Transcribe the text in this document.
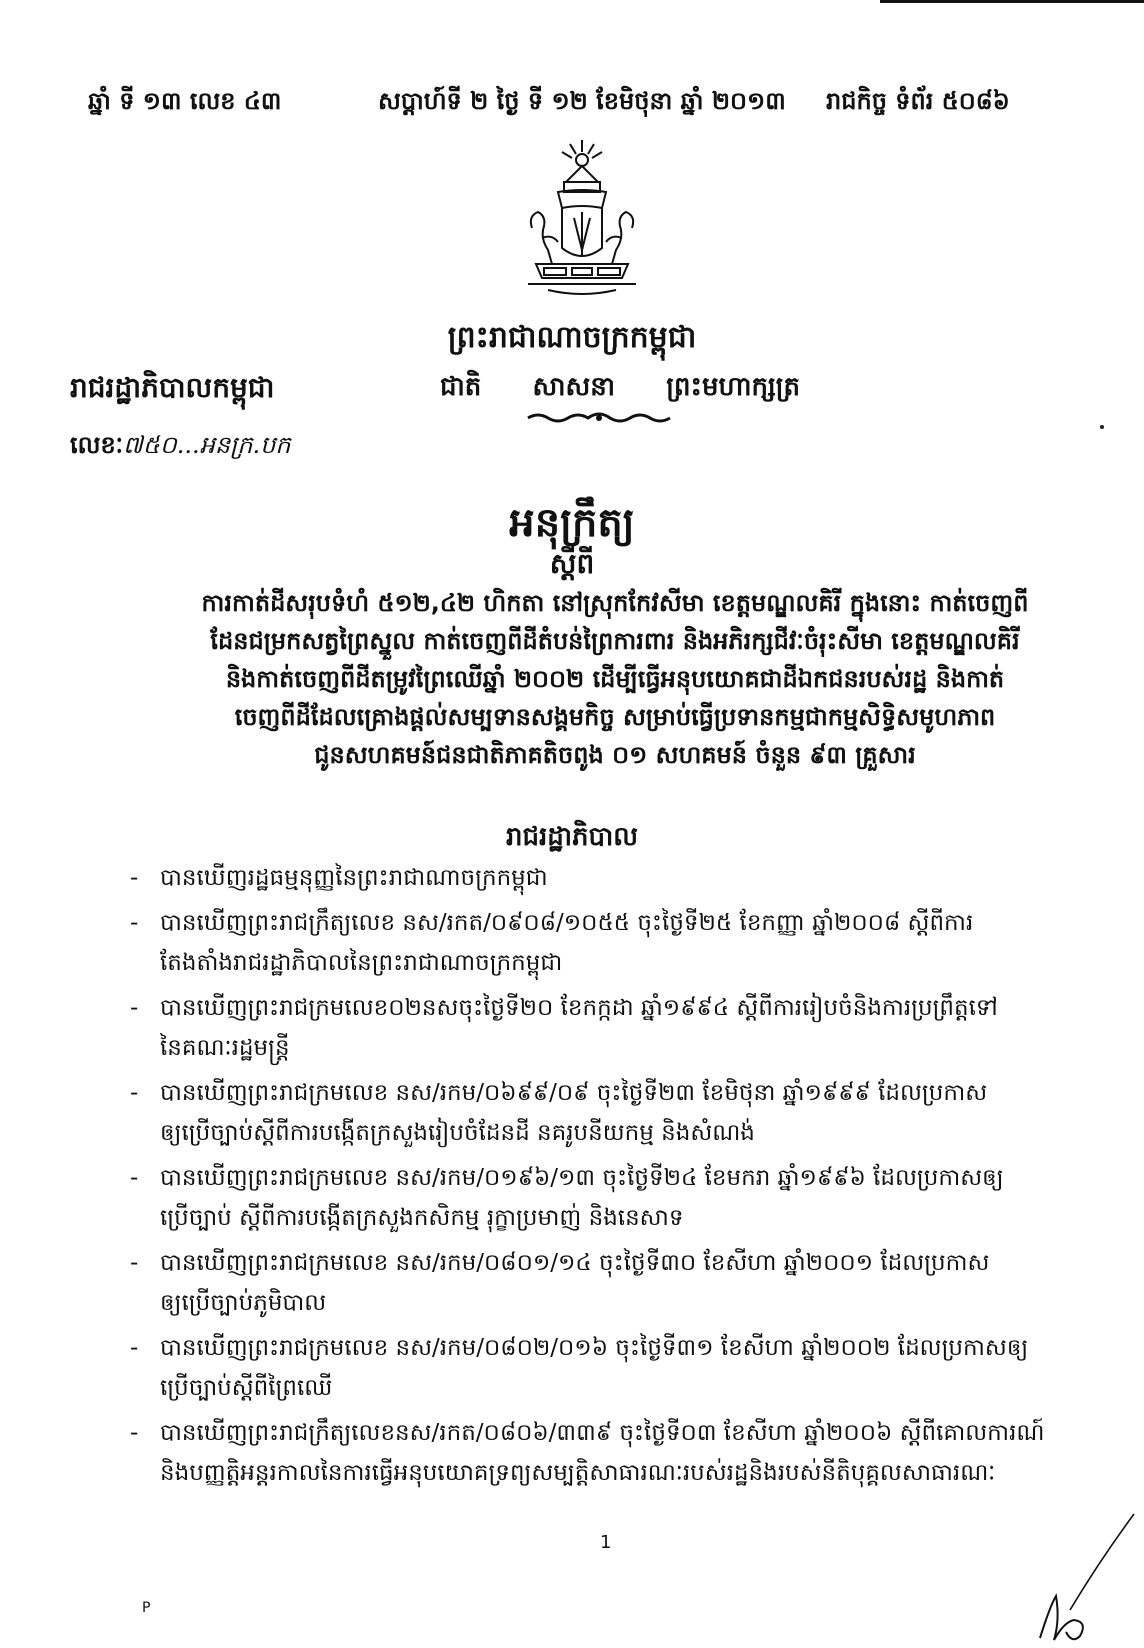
ឆ្នាំ ទី ១៣ លេខ ៤៣	សប្ដាហ៍ទី ២ ថ្ងៃ ទី ១២ ខែមិថុនា ឆ្នាំ ២០១៣ រាជកិច្ច ទំព័រ ៥០៨៦
ព្រះរាជាណាចក្រកម្ពុជា
ជាតិ សាសនា ព្រះមហាក្សត្រ
រាជរដ្ឋាភិបាលកម្ពុជា
លេខៈ៧៥០...អនក្រ.បក
អនុក្រឹត្យ
ស្ដីពី
ការកាត់ដីសរុបទំហំ ៥១២,៤២ ហិកតា នៅស្រុកកែវសីមា ខេត្តមណ្ឌលគិរី ក្នុងនោះ កាត់ចេញពី
ដែនជម្រកសត្វព្រៃស្នួល កាត់ចេញពីដីតំបន់ព្រៃការពារ និងអភិរក្សជីវៈចំរុះសីមា ខេត្តមណ្ឌលគិរី
និងកាត់ចេញពីដីតម្រូវព្រៃឈើឆ្នាំ ២០០២ ដើម្បីធ្វើអនុបយោគជាដីឯកជនរបស់រដ្ឋ និងកាត់
ចេញពីដីដែលគ្រោងផ្ដល់សម្បទានសង្គមកិច្ច សម្រាប់ធ្វើប្រទានកម្មជាកម្មសិទ្ធិសមូហភាព
ជូនសហគមន៍ជនជាតិភាគតិចពូង ០១ សហគមន៍ ចំនួន ៩៣ គ្រួសារ
រាជរដ្ឋាភិបាល
- បានឃើញរដ្ឋធម្មនុញ្ញនៃព្រះរាជាណាចក្រកម្ពុជា
- បានឃើញព្រះរាជក្រឹត្យលេខ នស/រកត/០៩០៨/១០៥៥ ចុះថ្ងៃទី២៥ ខែកញ្ញា ឆ្នាំ២០០៨ ស្ដីពីការ
តែងតាំងរាជរដ្ឋាភិបាលនៃព្រះរាជាណាចក្រកម្ពុជា
- បានឃើញព្រះរាជក្រមលេខ០២នសចុះថ្ងៃទី២០ ខែកក្កដា ឆ្នាំ១៩៩៤ ស្ដីពីការរៀបចំនិងការប្រព្រឹត្តទៅ
នៃគណៈរដ្ឋមន្ត្រី
- បានឃើញព្រះរាជក្រមលេខ នស/រកម/០៦៩៩/០៩ ចុះថ្ងៃទី២៣ ខែមិថុនា ឆ្នាំ១៩៩៩ ដែលប្រកាស
ឲ្យប្រើច្បាប់ស្ដីពីការបង្កើតក្រសួងរៀបចំដែនដី នគរូបនីយកម្ម និងសំណង់
- បានឃើញព្រះរាជក្រមលេខ នស/រកម/០១៩៦/១៣ ចុះថ្ងៃទី២៤ ខែមករា ឆ្នាំ១៩៩៦ ដែលប្រកាសឲ្យ
ប្រើច្បាប់ ស្ដីពីការបង្កើតក្រសួងកសិកម្ម រុក្ខាប្រមាញ់ និងនេសាទ
- បានឃើញព្រះរាជក្រមលេខ នស/រកម/០៨០១/១៤ ចុះថ្ងៃទី៣០ ខែសីហា ឆ្នាំ២០០១ ដែលប្រកាស
ឲ្យប្រើច្បាប់ភូមិបាល
- បានឃើញព្រះរាជក្រមលេខ នស/រកម/០៨០២/០១៦ ចុះថ្ងៃទី៣១ ខែសីហា ឆ្នាំ២០០២ ដែលប្រកាសឲ្យ
ប្រើច្បាប់ស្ដីពីព្រៃឈើ
- បានឃើញព្រះរាជក្រឹត្យលេខនស/រកត/០៨០៦/៣៣៩ ចុះថ្ងៃទី០៣ ខែសីហា ឆ្នាំ២០០៦ ស្ដីពីគោលការណ៍
និងបញ្ញត្តិអន្តរកាលនៃការធ្វើអនុបយោគទ្រព្យសម្បត្តិសាធារណៈរបស់រដ្ឋនិងរបស់នីតិបុគ្គលសាធារណៈ
1
P
